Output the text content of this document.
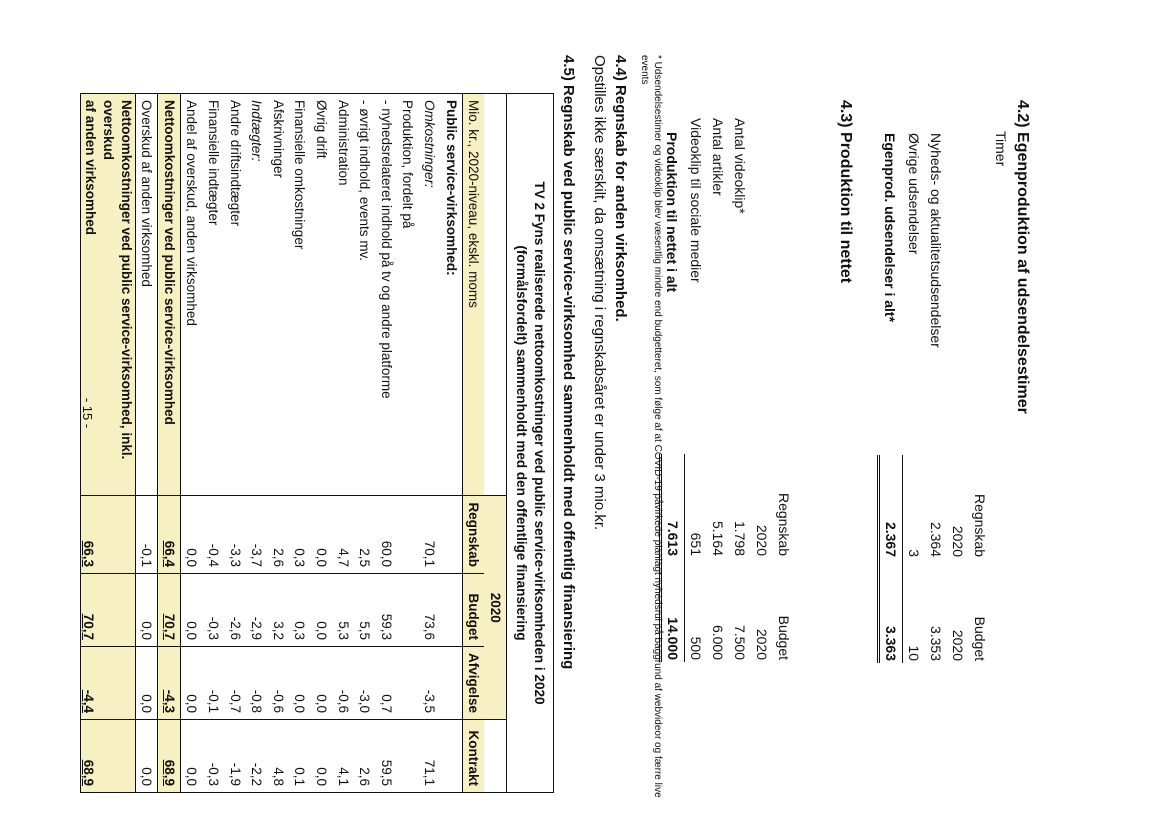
4.2) Egenproduktion af udsendelsestimer
Timer
	Regnskab	Budget
	2020	2020
Nyheds- og aktualitetsudsendelser	2.364	3.353
Øvrige udsendelser	3	10
Egenprod. udsendelser i alt*	2.367	3.363
4.3) Produktion til nettet
	Regnskab	Budget
	2020	2020
Antal videoklip*	1.798	7.500
Antal artikler	5.164	6.000
Videoklip til sociale medier	651	500
Produktion til nettet i alt	7.613	14.000
* Udsendelsestimer og videoklip blev væsentlig mindre end budgetteret, som følge af at COVID-19 påvirkede planlagt nyhedsrul på baggrund af webvideor og færre live events
4.4) Regnskab for anden virksomhed.
Opstilles ikke særskilt, da omsætning i regnskabsåret er under 3 mio.kr.
4.5) Regnskab ved public service-virksomhed sammenholdt med offentlig finansiering
TV 2 Fyns realiserede nettoomkostninger ved public service-virksomheden i 2020
(formålsfordelt) sammenholdt med den offentlige finansiering				

	2020			
Mio. kr., 2020-niveau, ekskl. moms	Regnskab	Budget	Afvigelse	Kontrakt
Public service-virksomhed:				
Omkostninger:	70,1	73,6	-3,5	71,1
Produktion, fordelt på				
- nyhedsrelateret indhold på tv og andre platforme	60,0	59,3	0,7	59,5
- øvrigt indhold, events mv.	2,5	5,5	-3,0	2,6
Administration	4,7	5,3	-0,6	4,1
Øvrig drift	0,0	0,0	0,0	0,0
Finansielle omkostninger	0,3	0,3	0,0	0,1
Afskrivninger	2,6	3,2	-0,6	4,8
Indtægter:	-3,7	-2,9	-0,8	-2,2
Andre driftsindtægter	-3,3	-2,6	-0,7	-1,9
Finansielle indtægter	-0,4	-0,3	-0,1	-0,3
Andel af overskud, anden virksomhed	0,0	0,0	0,0	0,0
Nettoomkostninger ved public service-virksomhed	66,4	70,7	-4,3	68,9
Overskud af anden virksomhed	-0,1	0,0	0,0	0,0

Nettoomkostninger ved public service-virksomhed, inkl. overskud
af anden virksomhed	66,3	70,7	-4,4	68,9
- 15 -
